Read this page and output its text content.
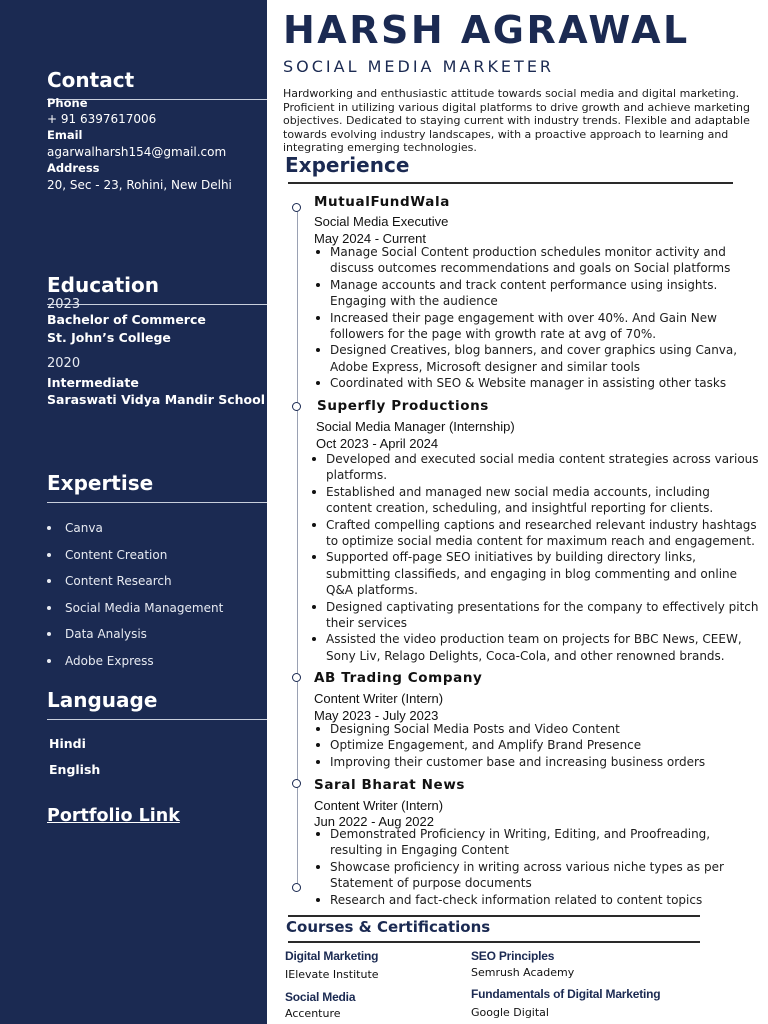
Contact
Phone
+ 91 6397617006
Email
agarwalharsh154@gmail.com
Address
20, Sec - 23, Rohini, New Delhi
Education
2023
Bachelor of Commerce
St. John’s College
2020
Intermediate
Saraswati Vidya Mandir School
Expertise
Canva
Content Creation
Content Research
Social Media Management
Data Analysis
Adobe Express
Language
Hindi
English
Portfolio Link
HARSH AGRAWAL
SOCIAL MEDIA MARKETER

Hardworking and enthusiastic attitude towards social media and digital marketing. Proficient in utilizing various digital platforms to drive growth and achieve marketing objectives. Dedicated to staying current with industry trends. Flexible and adaptable towards evolving industry landscapes, with a proactive approach to learning and integrating emerging technologies.

Experience
MutualFundWala
Social Media Executive
May 2024 - Current
Manage Social Content production schedules monitor activity and
discuss outcomes recommendations and goals on Social platforms
Manage accounts and track content performance using insights.
Engaging with the audience
Increased their page engagement with over 40%. And Gain New
followers for the page with growth rate at avg of 70%.
Designed Creatives, blog banners, and cover graphics using Canva,
Adobe Express, Microsoft designer and similar tools
Coordinated with SEO & Website manager in assisting other tasks
Superfly Productions
Social Media Manager (Internship)
Oct 2023 - April 2024
Developed and executed social media content strategies across various
platforms.
Established and managed new social media accounts, including
content creation, scheduling, and insightful reporting for clients.
Crafted compelling captions and researched relevant industry hashtags
to optimize social media content for maximum reach and engagement.
Supported off-page SEO initiatives by building directory links,
submitting classifieds, and engaging in blog commenting and online
Q&A platforms.
Designed captivating presentations for the company to effectively pitch
their services
Assisted the video production team on projects for BBC News, CEEW,
Sony Liv, Relago Delights, Coca-Cola, and other renowned brands.
AB Trading Company
Content Writer (Intern)
May 2023 - July 2023
Designing Social Media Posts and Video Content
Optimize Engagement, and Amplify Brand Presence
Improving their customer base and increasing business orders
Saral Bharat News
Content Writer (Intern)
Jun 2022 - Aug 2022
Demonstrated Proficiency in Writing, Editing, and Proofreading,
resulting in Engaging Content
Showcase proficiency in writing across various niche types as per
Statement of purpose documents
Research and fact-check information related to content topics
Courses & Certifications
Digital Marketing
IElevate Institute
SEO Principles
Semrush Academy
Social Media
Accenture
Fundamentals of Digital Marketing
Google Digital
